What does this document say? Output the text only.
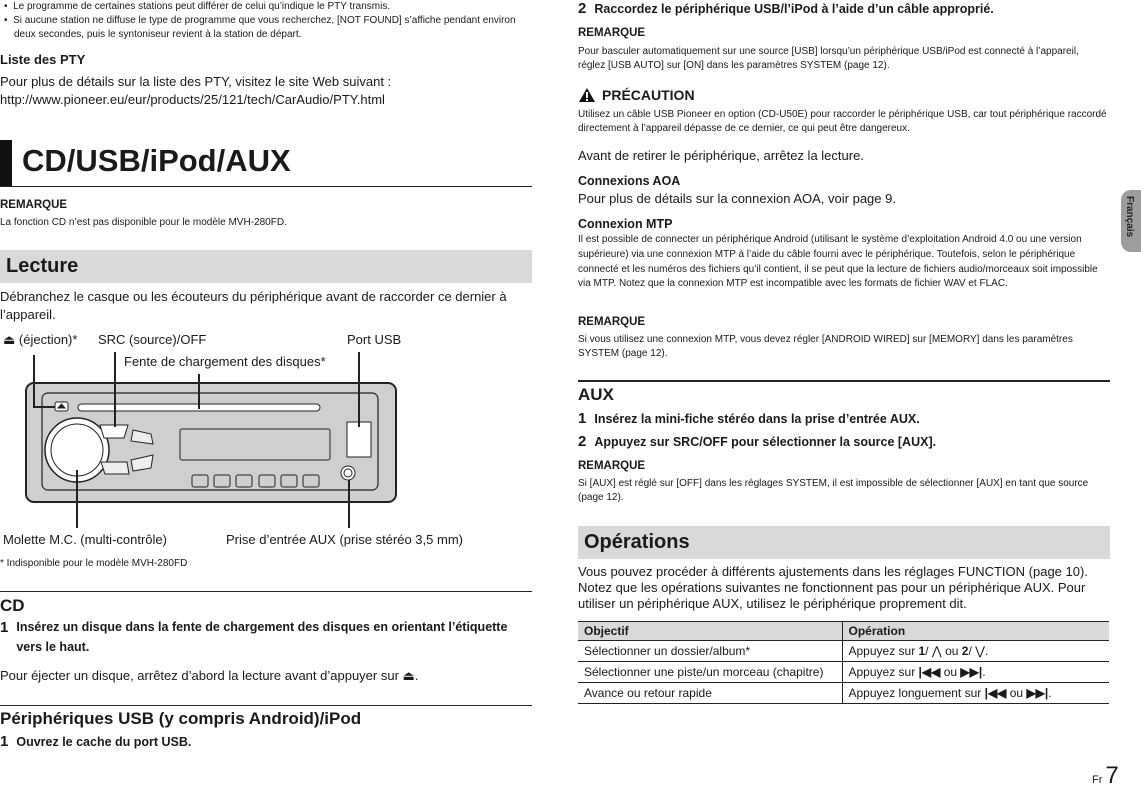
•  Le programme de certaines stations peut différer de celui qu’indique le PTY transmis.
•  Si aucune station ne diffuse le type de programme que vous recherchez, [NOT FOUND] s’affiche pendant environ deux secondes, puis le syntoniseur revient à la station de départ.
Liste des PTY
Pour plus de détails sur la liste des PTY, visitez le site Web suivant :
http://www.pioneer.eu/eur/products/25/121/tech/CarAudio/PTY.html
CD/USB/iPod/AUX
REMARQUE
La fonction CD n’est pas disponible pour le modèle MVH-280FD.
Lecture
Débranchez le casque ou les écouteurs du périphérique avant de raccorder ce dernier à l’appareil.
⏏ (éjection)* SRC (source)/OFF	Port USB
Fente de chargement des disques*
Molette M.C. (multi-contrôle)	Prise d’entrée AUX (prise stéréo 3,5 mm)
* Indisponible pour le modèle MVH-280FD
CD
1 Insérez un disque dans la fente de chargement des disques en orientant l’étiquette vers le haut.
Pour éjecter un disque, arrêtez d’abord la lecture avant d’appuyer sur ⏏.
Périphériques USB (y compris Android)/iPod
1 Ouvrez le cache du port USB.
2 Raccordez le périphérique USB/l’iPod à l’aide d’un câble approprié.
REMARQUE
Pour basculer automatiquement sur une source [USB] lorsqu’un périphérique USB/iPod est connecté à l’appareil, réglez [USB AUTO] sur [ON] dans les paramètres SYSTEM (page 12).
PRÉCAUTION
Utilisez un câble USB Pioneer en option (CD-U50E) pour raccorder le périphérique USB, car tout périphérique raccordé directement à l’appareil dépasse de ce dernier, ce qui peut être dangereux.
Avant de retirer le périphérique, arrêtez la lecture.
Connexions AOA
Pour plus de détails sur la connexion AOA, voir page 9.
Connexion MTP
Il est possible de connecter un périphérique Android (utilisant le système d’exploitation Android 4.0 ou une version supérieure) via une connexion MTP à l’aide du câble fourni avec le périphérique. Toutefois, selon le périphérique connecté et les numéros des fichiers qu’il contient, il se peut que la lecture de fichiers audio/morceaux soit impossible via MTP. Notez que la connexion MTP est incompatible avec les formats de fichier WAV et FLAC.
REMARQUE
Si vous utilisez une connexion MTP, vous devez régler [ANDROID WIRED] sur [MEMORY] dans les paramètres SYSTEM (page 12).
AUX
1 Insérez la mini-fiche stéréo dans la prise d’entrée AUX.
2 Appuyez sur SRC/OFF pour sélectionner la source [AUX].
REMARQUE
Si [AUX] est réglé sur [OFF] dans les réglages SYSTEM, il est impossible de sélectionner [AUX] en tant que source (page 12).
Opérations
Vous pouvez procéder à différents ajustements dans les réglages FUNCTION (page 10). Notez que les opérations suivantes ne fonctionnent pas pour un périphérique AUX. Pour utiliser un périphérique AUX, utilisez le périphérique proprement dit.
Objectif	Opération
Sélectionner un dossier/album*	Appuyez sur 1/ ⋀ ou 2/ ⋁.
Sélectionner une piste/un morceau (chapitre)	Appuyez sur |◀◀ ou ▶▶|.
Avance ou retour rapide	Appuyez longuement sur |◀◀ ou ▶▶|.
Français
Fr 7
